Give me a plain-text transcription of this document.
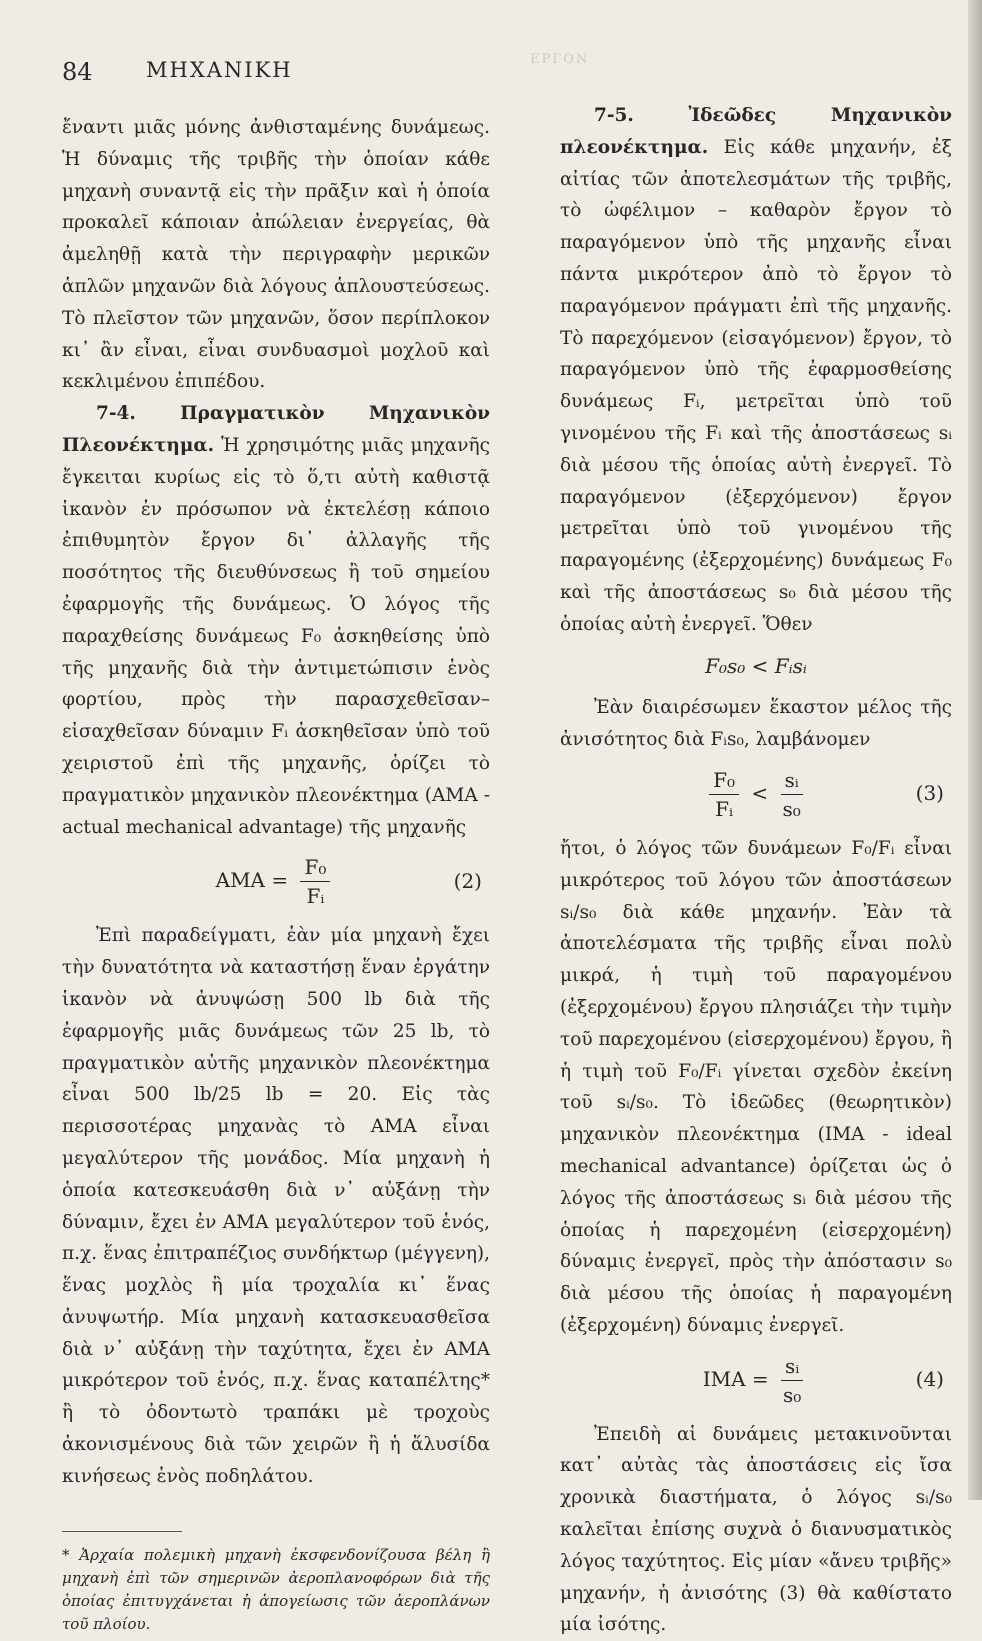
84	ΜΗΧΑΝΙΚΗ	ΕΡΓΟΝ

ἔναντι μιᾶς μόνης ἀνθισταμένης δυνάμεως. Ἡ δύναμις τῆς τριβῆς τὴν ὁποίαν κάθε μηχανὴ συναντᾷ εἰς τὴν πρᾶξιν καὶ ἡ ὁποία προκαλεῖ κάποιαν ἀπώλειαν ἐνεργείας, θὰ ἀμεληθῇ κατὰ τὴν περιγραφὴν μερικῶν ἁπλῶν μηχανῶν διὰ λόγους ἁπλουστεύσεως. Τὸ πλεῖστον τῶν μηχανῶν, ὅσον περίπλοκον κι᾽ ἂν εἶναι, εἶναι συνδυασμοὶ μοχλοῦ καὶ κεκλιμένου ἐπιπέδου.

7-4. Πραγματικὸν Μηχανικὸν Πλεονέκτημα. Ἡ χρησιμότης μιᾶς μηχανῆς ἔγκειται κυρίως εἰς τὸ ὅ,τι αὐτὴ καθιστᾷ ἱκανὸν ἐν πρόσωπον νὰ ἐκτελέσῃ κάποιο ἐπιθυμητὸν ἔργον δι᾽ ἀλλαγῆς τῆς ποσότητος τῆς διευθύνσεως ἢ τοῦ σημείου ἐφαρμογῆς τῆς δυνάμεως. Ὁ λόγος τῆς παραχθείσης δυνάμεως F₀ ἀσκηθείσης ὑπὸ τῆς μηχανῆς διὰ τὴν ἀντιμετώπισιν ἑνὸς φορτίου, πρὸς τὴν παρασχεθεῖσαν–εἰσαχθεῖσαν δύναμιν Fᵢ ἀσκηθεῖσαν ὑπὸ τοῦ χειριστοῦ ἐπὶ τῆς μηχανῆς, ὁρίζει τὸ πραγματικὸν μηχανικὸν πλεονέκτημα (ΑΜΑ - actual mechanical advantage) τῆς μηχανῆς

$AMA = \frac{\text{F₀}}{\text{Fᵢ}}$	(2)

Ἐπὶ παραδείγματι, ἐὰν μία μηχανὴ ἔχει τὴν δυνατότητα νὰ καταστήσῃ ἕναν ἐργάτην ἱκανὸν νὰ ἀνυψώσῃ 500 lb διὰ τῆς ἐφαρμογῆς μιᾶς δυνάμεως τῶν 25 lb, τὸ πραγματικὸν αὐτῆς μηχανικὸν πλεονέκτημα εἶναι 500 lb/25 lb = 20. Εἰς τὰς περισσοτέρας μηχανὰς τὸ ΑΜΑ εἶναι μεγαλύτερον τῆς μονάδος. Μία μηχανὴ ἡ ὁποία κατεσκευάσθη διὰ ν᾽ αὐξάνῃ τὴν δύναμιν, ἔχει ἐν ΑΜΑ μεγαλύτερον τοῦ ἑνός, π.χ. ἕνας ἐπιτραπέζιος συνδήκτωρ (μέγγενη), ἕνας μοχλὸς ἢ μία τροχαλία κι᾽ ἕνας ἀνυψωτήρ. Μία μηχανὴ κατασκευασθεῖσα διὰ ν᾽ αὐξάνῃ τὴν ταχύτητα, ἔχει ἐν ΑΜΑ μικρότερον τοῦ ἑνός, π.χ. ἕνας καταπέλτης* ἢ τὸ ὀδοντωτὸ τραπάκι μὲ τροχοὺς ἀκονισμένους διὰ τῶν χειρῶν ἢ ἡ ἅλυσίδα κινήσεως ἑνὸς ποδηλάτου.

* Ἀρχαία πολεμικὴ μηχανὴ ἐκσφενδονίζουσα βέλη ἢ μηχανὴ ἐπὶ τῶν σημερινῶν ἀεροπλανοφόρων διὰ τῆς ὁποίας ἐπιτυγχάνεται ἡ ἀπογείωσις τῶν ἀεροπλάνων τοῦ πλοίου.

7-5. Ἰδεῶδες Μηχανικὸν πλεονέκτημα. Εἰς κάθε μηχανήν, ἐξ αἰτίας τῶν ἀποτελεσμάτων τῆς τριβῆς, τὸ ὠφέλιμον – καθαρὸν ἔργον τὸ παραγόμενον ὑπὸ τῆς μηχανῆς εἶναι πάντα μικρότερον ἀπὸ τὸ ἔργον τὸ παραγόμενον πράγματι ἐπὶ τῆς μηχανῆς. Τὸ παρεχόμενον (εἰσαγόμενον) ἔργον, τὸ παραγόμενον ὑπὸ τῆς ἐφαρμοσθείσης δυνάμεως Fᵢ, μετρεῖται ὑπὸ τοῦ γινομένου τῆς Fᵢ καὶ τῆς ἀποστάσεως sᵢ διὰ μέσου τῆς ὁποίας αὐτὴ ἐνεργεῖ. Τὸ παραγόμενον (ἐξερχόμενον) ἔργον μετρεῖται ὑπὸ τοῦ γινομένου τῆς παραγομένης (ἐξερχομένης) δυνάμεως F₀ καὶ τῆς ἀποστάσεως s₀ διὰ μέσου τῆς ὁποίας αὐτὴ ἐνεργεῖ. Ὅθεν

F₀s₀ < Fᵢsᵢ

Ἐὰν διαιρέσωμεν ἕκαστον μέλος τῆς ἀνισότητος διὰ Fᵢs₀, λαμβάνομεν

$\frac{\text{F₀}}{\text{Fᵢ}} < \frac{\text{sᵢ}}{\text{s₀}}$	(3)

ἤτοι, ὁ λόγος τῶν δυνάμεων F₀/Fᵢ εἶναι μικρότερος τοῦ λόγου τῶν ἀποστάσεων sᵢ/s₀ διὰ κάθε μηχανήν. Ἐὰν τὰ ἀποτελέσματα τῆς τριβῆς εἶναι πολὺ μικρά, ἡ τιμὴ τοῦ παραγομένου (ἐξερχομένου) ἔργου πλησιάζει τὴν τιμὴν τοῦ παρεχομένου (εἰσερχομένου) ἔργου, ἢ ἡ τιμὴ τοῦ F₀/Fᵢ γίνεται σχεδὸν ἐκείνη τοῦ sᵢ/s₀. Τὸ ἰδεῶδες (θεωρητικὸν) μηχανικὸν πλεονέκτημα (ΙΜΑ - ideal mechanical advantance) ὁρίζεται ὡς ὁ λόγος τῆς ἀποστάσεως sᵢ διὰ μέσου τῆς ὁποίας ἡ παρεχομένη (εἰσερχομένη) δύναμις ἐνεργεῖ, πρὸς τὴν ἀπόστασιν s₀ διὰ μέσου τῆς ὁποίας ἡ παραγομένη (ἐξερχομένη) δύναμις ἐνεργεῖ.

$IMA = \frac{\text{sᵢ}}{\text{s₀}}$	(4)

Ἐπειδὴ αἱ δυνάμεις μετακινοῦνται κατ᾽ αὐτὰς τὰς ἀποστάσεις εἰς ἴσα χρονικὰ διαστήματα, ὁ λόγος sᵢ/s₀ καλεῖται ἐπίσης συχνὰ ὁ διανυσματικὸς λόγος ταχύτητος. Εἰς μίαν «ἄνευ τριβῆς» μηχανήν, ἡ ἀνισότης (3) θὰ καθίστατο μία ἰσότης.
